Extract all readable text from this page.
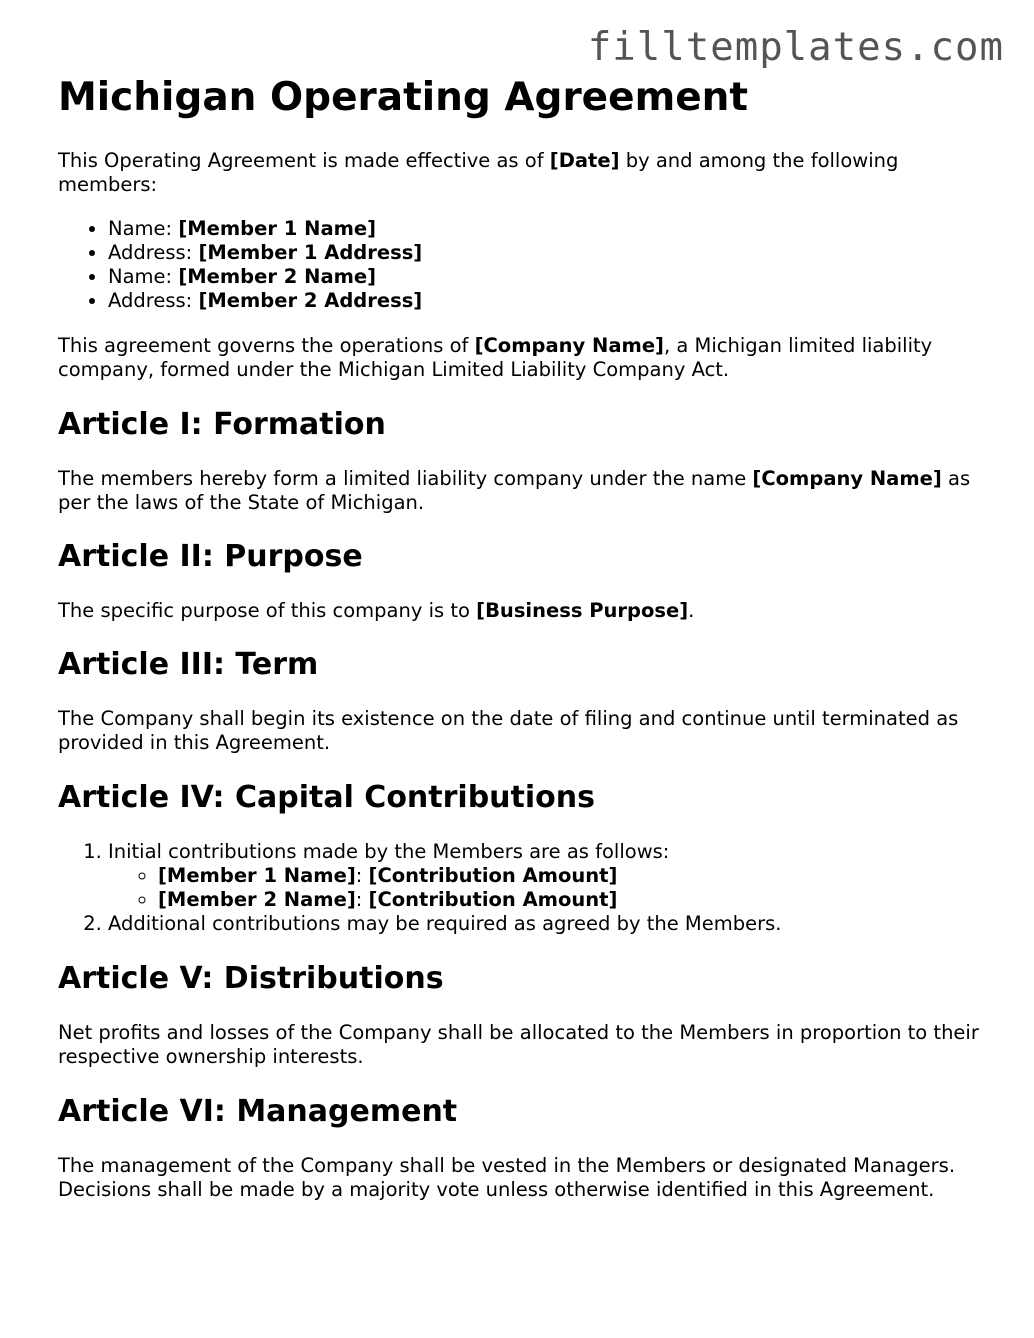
filltemplates.com
Michigan Operating Agreement

This Operating Agreement is made effective as of [Date] by and among the following members:

• Name: [Member 1 Name]
• Address: [Member 1 Address]
• Name: [Member 2 Name]
• Address: [Member 2 Address]

This agreement governs the operations of [Company Name], a Michigan limited liability company, formed under the Michigan Limited Liability Company Act.

Article I: Formation

The members hereby form a limited liability company under the name [Company Name] as per the laws of the State of Michigan.

Article II: Purpose

The specific purpose of this company is to [Business Purpose].

Article III: Term

The Company shall begin its existence on the date of filing and continue until terminated as provided in this Agreement.

Article IV: Capital Contributions
1. Initial contributions made by the Members are as follows:
◦ [Member 1 Name]: [Contribution Amount]
◦ [Member 2 Name]: [Contribution Amount]
2. Additional contributions may be required as agreed by the Members.
Article V: Distributions

Net profits and losses of the Company shall be allocated to the Members in proportion to their respective ownership interests.

Article VI: Management

The management of the Company shall be vested in the Members or designated Managers. Decisions shall be made by a majority vote unless otherwise identified in this Agreement.
